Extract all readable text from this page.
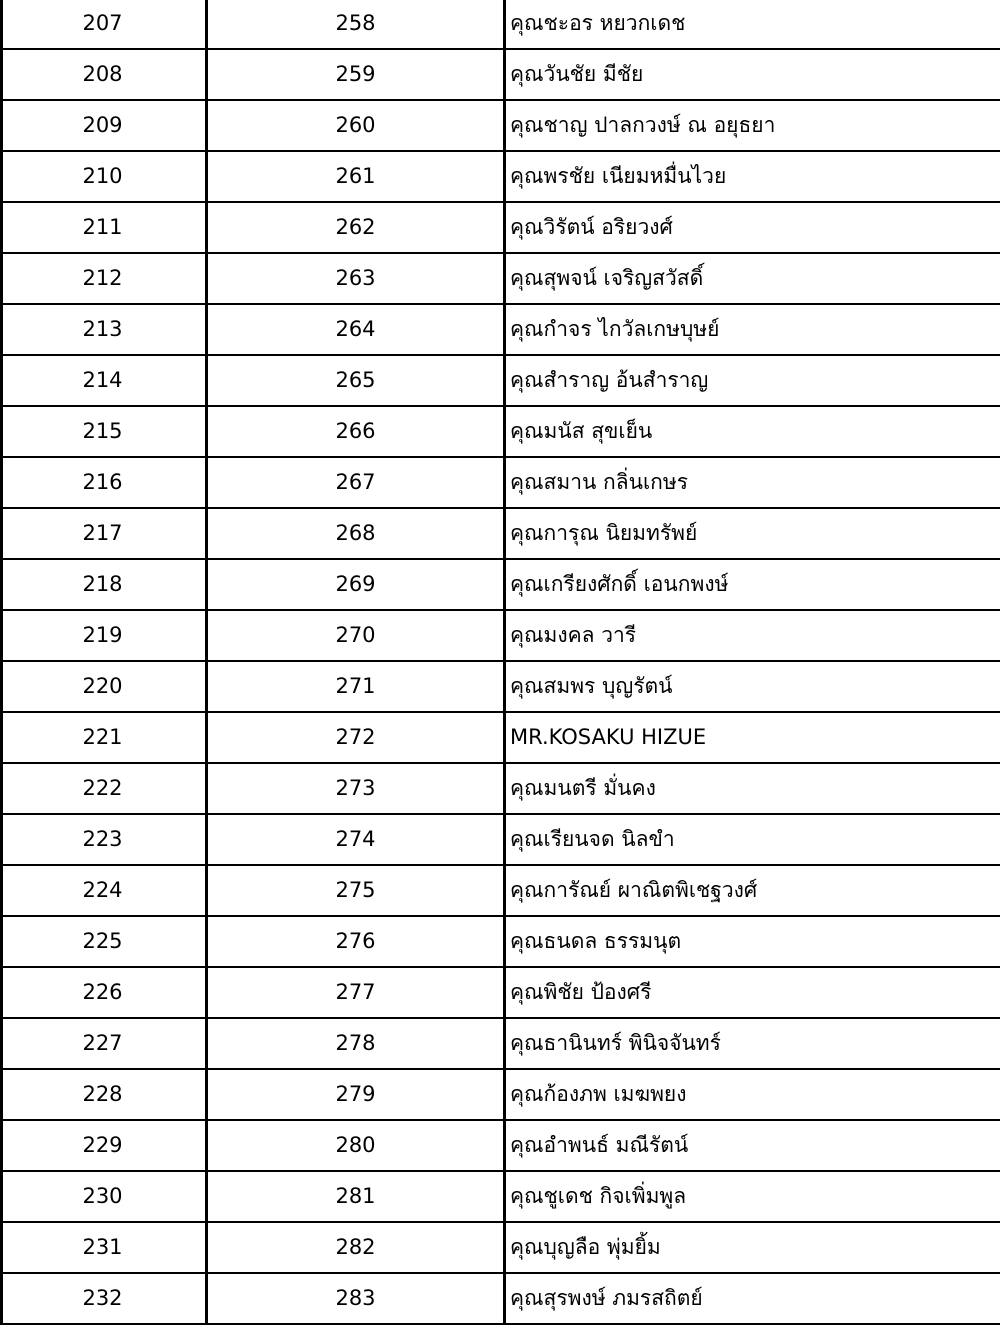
207	258	คุณชะอร หยวกเดช
208	259	คุณวันชัย มีชัย
209	260	คุณชาญ ปาลกวงษ์ ณ อยุธยา
210	261	คุณพรชัย เนียมหมื่นไวย
211	262	คุณวิรัตน์ อริยวงศ์
212	263	คุณสุพจน์ เจริญสวัสดิ์
213	264	คุณกำจร ไกวัลเกษบุษย์
214	265	คุณสำราญ อ้นสำราญ
215	266	คุณมนัส สุขเย็น
216	267	คุณสมาน กลิ่นเกษร
217	268	คุณการุณ นิยมทรัพย์
218	269	คุณเกรียงศักดิ์ เอนกพงษ์
219	270	คุณมงคล วารี
220	271	คุณสมพร บุญรัตน์
221	272	MR.KOSAKU HIZUE
222	273	คุณมนตรี มั่นคง
223	274	คุณเรียนจด นิลขำ
224	275	คุณการัณย์ ผาณิตพิเชฐวงศ์
225	276	คุณธนดล ธรรมนุต
226	277	คุณพิชัย ป้องศรี
227	278	คุณธานินทร์ พินิจจันทร์
228	279	คุณก้องภพ เมฆพยง
229	280	คุณอำพนธ์ มณีรัตน์
230	281	คุณชูเดช กิจเพิ่มพูล
231	282	คุณบุญลือ พุ่มยิ้ม
232	283	คุณสุรพงษ์ ภมรสถิตย์
